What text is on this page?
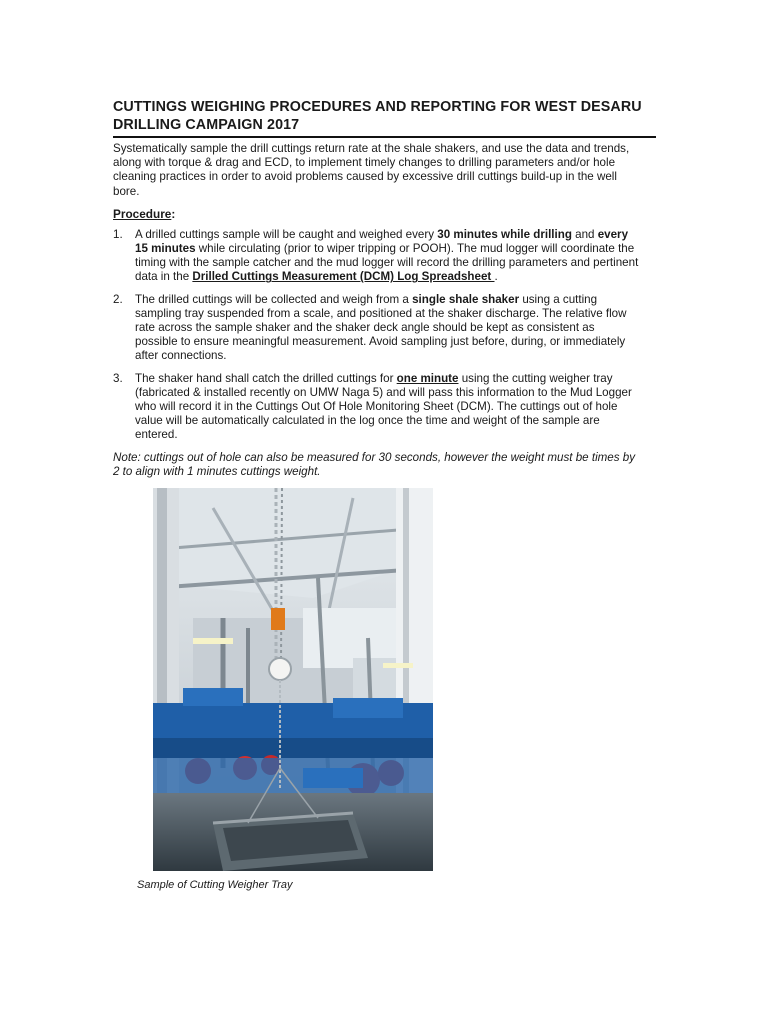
CUTTINGS WEIGHING PROCEDURES AND REPORTING FOR WEST DESARU
DRILLING CAMPAIGN 2017
Systematically sample the drill cuttings return rate at the shale shakers, and use the data and trends,
along with torque & drag and ECD, to implement timely changes to drilling parameters and/or hole
cleaning practices in order to avoid problems caused by excessive drill cuttings build-up in the well
bore.
Procedure:
1. A drilled cuttings sample will be caught and weighed every 30 minutes while drilling and every
15 minutes while circulating (prior to wiper tripping or POOH). The mud logger will coordinate the
timing with the sample catcher and the mud logger will record the drilling parameters and pertinent
data in the Drilled Cuttings Measurement (DCM) Log Spreadsheet .
2. The drilled cuttings will be collected and weigh from a single shale shaker using a cutting
sampling tray suspended from a scale, and positioned at the shaker discharge. The relative flow
rate across the sample shaker and the shaker deck angle should be kept as consistent as
possible to ensure meaningful measurement. Avoid sampling just before, during, or immediately
after connections.
3. The shaker hand shall catch the drilled cuttings for one minute using the cutting weigher tray
(fabricated & installed recently on UMW Naga 5) and will pass this information to the Mud Logger
who will record it in the Cuttings Out Of Hole Monitoring Sheet (DCM). The cuttings out of hole
value will be automatically calculated in the log once the time and weight of the sample are
entered.
Note: cuttings out of hole can also be measured for 30 seconds, however the weight must be times by
2 to align with 1 minutes cuttings weight.
Sample of Cutting Weigher Tray
